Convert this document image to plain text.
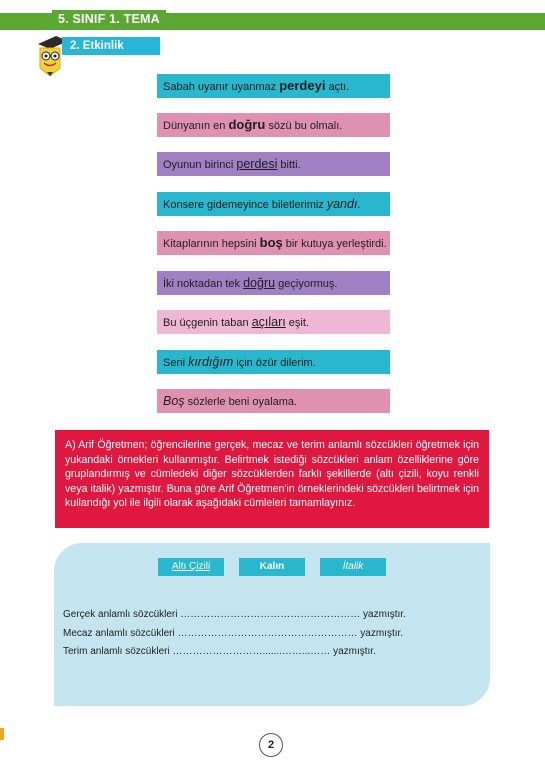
5. SINIF 1. TEMA
2. Etkinlik
Sabah uyanır uyanmaz perdeyi açtı.
Dünyanın en doğru sözü bu olmalı.
Oyunun birinci perdesi bitti.
Konsere gidemeyince biletlerimiz yandı.
Kitaplarının hepsini boş bir kutuya yerleştirdi.
İki noktadan tek doğru geçiyormuş.
Bu üçgenin taban açıları eşit.
Seni kırdığım için özür dilerim.
Boş sözlerle beni oyalama.
A) Arif Öğretmen; öğrencilerine gerçek, mecaz ve terim anlamlı sözcükleri öğretmek için yukandaki örnekleri kullanmıştır. Belirtmek istediği sözcükleri anlam özelliklerine göre gruplandırmış ve cümledeki diğer sözcüklerden farklı şekillerde (altı çizili, koyu renkli veya italik) yazmıştır. Buna göre Arif Öğretmen'in örneklerindeki sözcükleri belirtmek için kullandığı yol ile ilgili olarak aşağıdaki cümleleri tamamlayınız.
Altı Çizili	Kalın	İtalik
Gerçek anlamlı sözcükleri ……………………………………………… yazmıştır.
Mecaz anlamlı sözcükleri ……………………………………………… yazmıştır.
Terim anlamlı sözcükleri ……………………….......……...…… yazmıştır.
2
